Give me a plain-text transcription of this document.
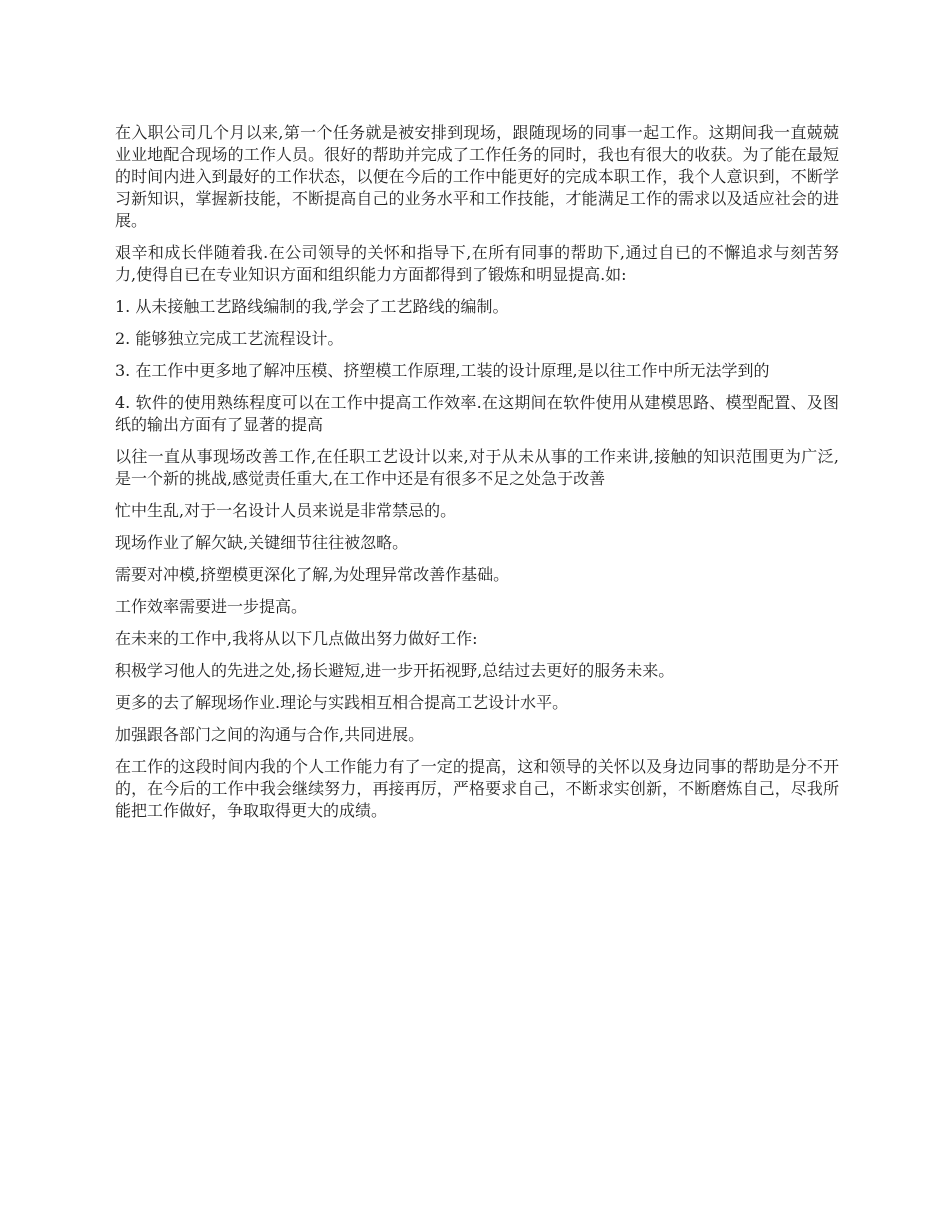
在入职公司几个月以来,第一个任务就是被安排到现场，跟随现场的同事一起工作。这期间我一直兢兢业业地配合现场的工作人员。很好的帮助并完成了工作任务的同时，我也有很大的收获。为了能在最短的时间内进入到最好的工作状态，以便在今后的工作中能更好的完成本职工作，我个人意识到，不断学习新知识，掌握新技能，不断提高自己的业务水平和工作技能，才能满足工作的需求以及适应社会的进展。

艰辛和成长伴随着我.在公司领导的关怀和指导下,在所有同事的帮助下,通过自已的不懈追求与刻苦努力,使得自已在专业知识方面和组织能力方面都得到了锻炼和明显提高.如:

1. 从未接触工艺路线编制的我,学会了工艺路线的编制。

2. 能够独立完成工艺流程设计。

3. 在工作中更多地了解冲压模、挤塑模工作原理,工装的设计原理,是以往工作中所无法学到的

4. 软件的使用熟练程度可以在工作中提高工作效率.在这期间在软件使用从建模思路、模型配置、及图纸的输出方面有了显著的提高

以往一直从事现场改善工作,在任职工艺设计以来,对于从未从事的工作来讲,接触的知识范围更为广泛,是一个新的挑战,感觉责任重大,在工作中还是有很多不足之处急于改善

忙中生乱,对于一名设计人员来说是非常禁忌的。

现场作业了解欠缺,关键细节往往被忽略。

需要对冲模,挤塑模更深化了解,为处理异常改善作基础。

工作效率需要进一步提高。

在未来的工作中,我将从以下几点做出努力做好工作:

积极学习他人的先进之处,扬长避短,进一步开拓视野,总结过去更好的服务未来。

更多的去了解现场作业.理论与实践相互相合提高工艺设计水平。

加强跟各部门之间的沟通与合作,共同进展。

在工作的这段时间内我的个人工作能力有了一定的提高，这和领导的关怀以及身边同事的帮助是分不开的，在今后的工作中我会继续努力，再接再厉，严格要求自己，不断求实创新，不断磨炼自己，尽我所能把工作做好，争取取得更大的成绩。
